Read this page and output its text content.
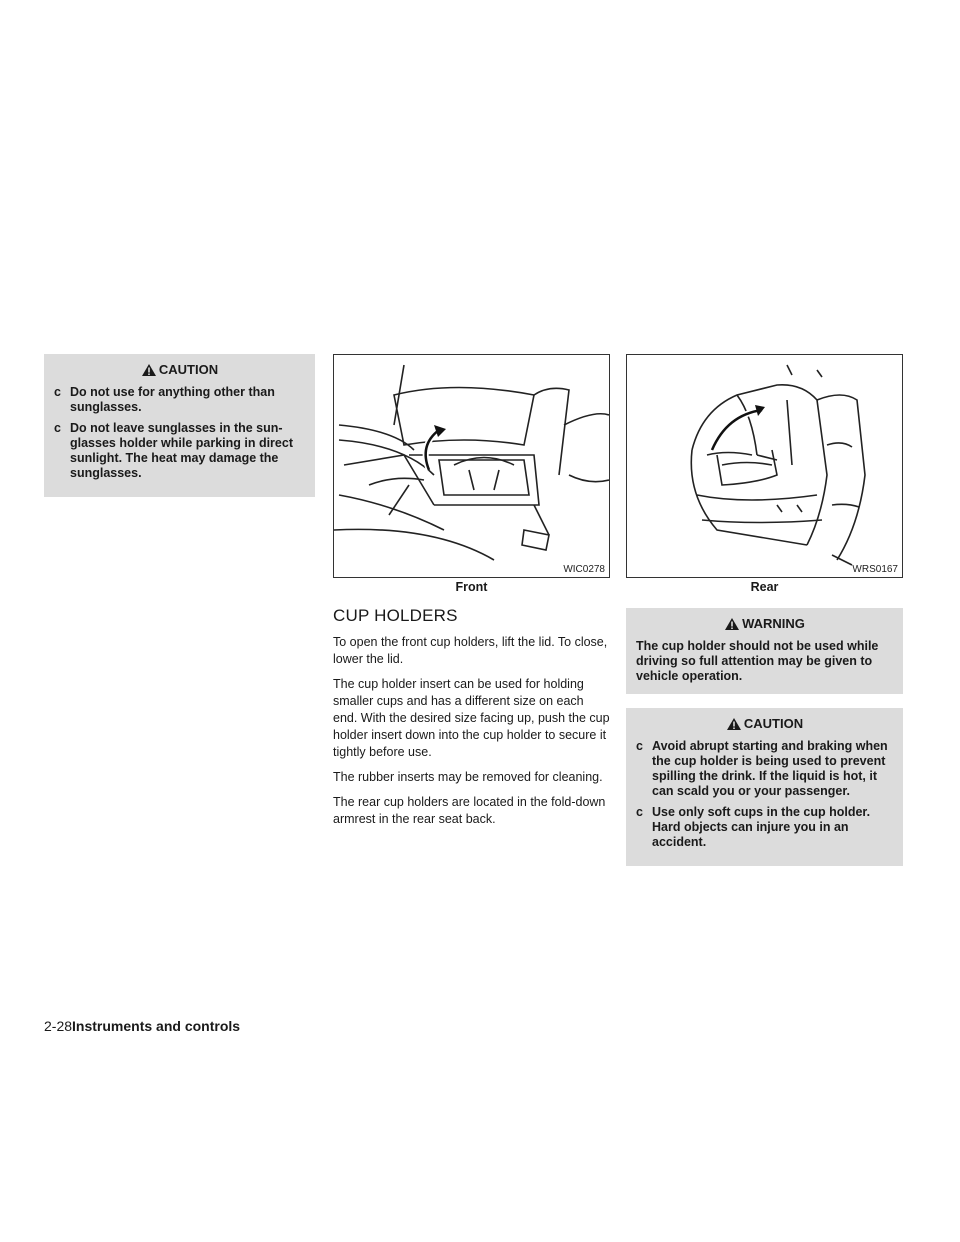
CAUTION
c Do not use for anything other than sunglasses.
c Do not leave sunglasses in the sun-glasses holder while parking in direct sunlight. The heat may damage the sunglasses.
WIC0278
Front
CUP HOLDERS

To open the front cup holders, lift the lid. To close, lower the lid.

The cup holder insert can be used for holding smaller cups and has a different size on each end. With the desired size facing up, push the cup holder insert down into the cup holder to secure it tightly before use.

The rubber inserts may be removed for cleaning.

The rear cup holders are located in the fold-down armrest in the rear seat back.

WRS0167
Rear
WARNING

The cup holder should not be used while driving so full attention may be given to vehicle operation.

CAUTION
c Avoid abrupt starting and braking when the cup holder is being used to prevent spilling the drink. If the liquid is hot, it can scald you or your passenger.
c Use only soft cups in the cup holder. Hard objects can injure you in an accident.
2-28Instruments and controls
